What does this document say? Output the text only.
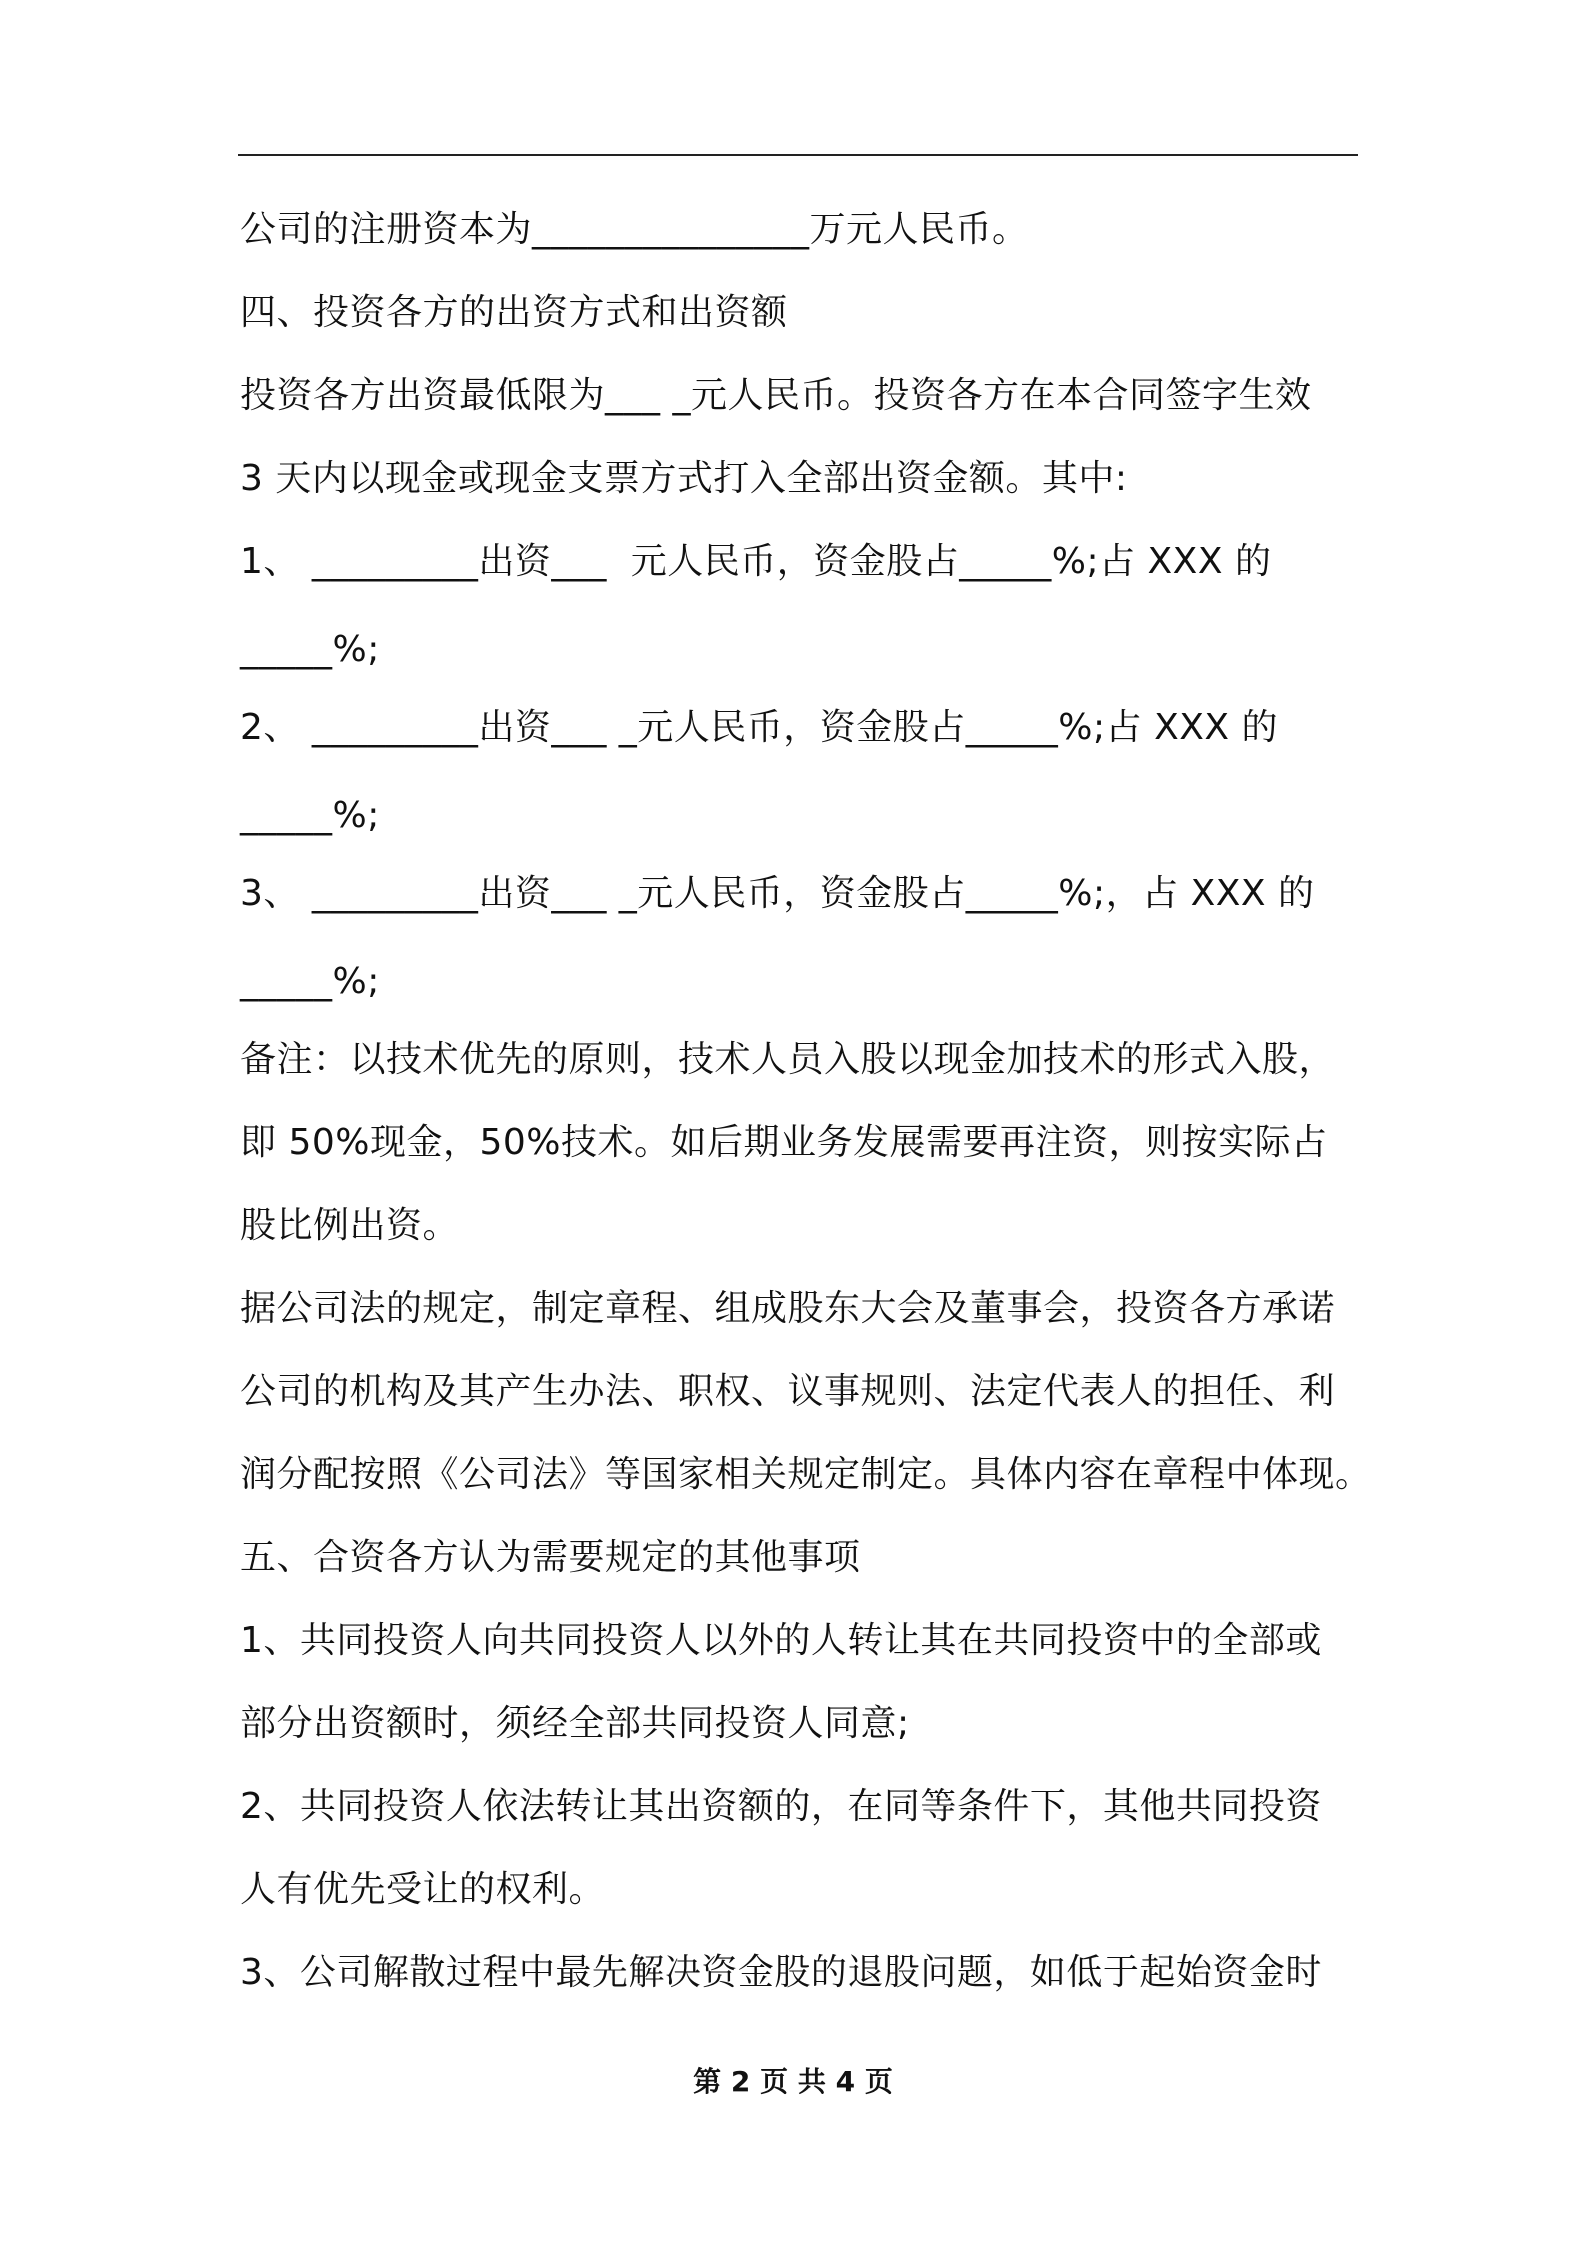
公司的注册资本为_______________万元人民币。

四、投资各方的出资方式和出资额

投资各方出资最低限为___ _元人民币。投资各方在本合同签字生效

3 天内以现金或现金支票方式打入全部出资金额。其中:

1、 _________出资___  元人民币，资金股占_____%;占 XXX 的

_____%;

2、 _________出资___ _元人民币，资金股占_____%;占 XXX 的

_____%;

3、 _________出资___ _元人民币，资金股占_____%;，占 XXX 的

_____%;

备注：以技术优先的原则，技术人员入股以现金加技术的形式入股，

即 50%现金，50%技术。如后期业务发展需要再注资，则按实际占

股比例出资。

据公司法的规定，制定章程、组成股东大会及董事会，投资各方承诺

公司的机构及其产生办法、职权、议事规则、法定代表人的担任、利

润分配按照《公司法》等国家相关规定制定。具体内容在章程中体现。

五、合资各方认为需要规定的其他事项

1、共同投资人向共同投资人以外的人转让其在共同投资中的全部或

部分出资额时，须经全部共同投资人同意;

2、共同投资人依法转让其出资额的，在同等条件下，其他共同投资

人有优先受让的权利。

3、公司解散过程中最先解决资金股的退股问题，如低于起始资金时

第 2 页 共 4 页
